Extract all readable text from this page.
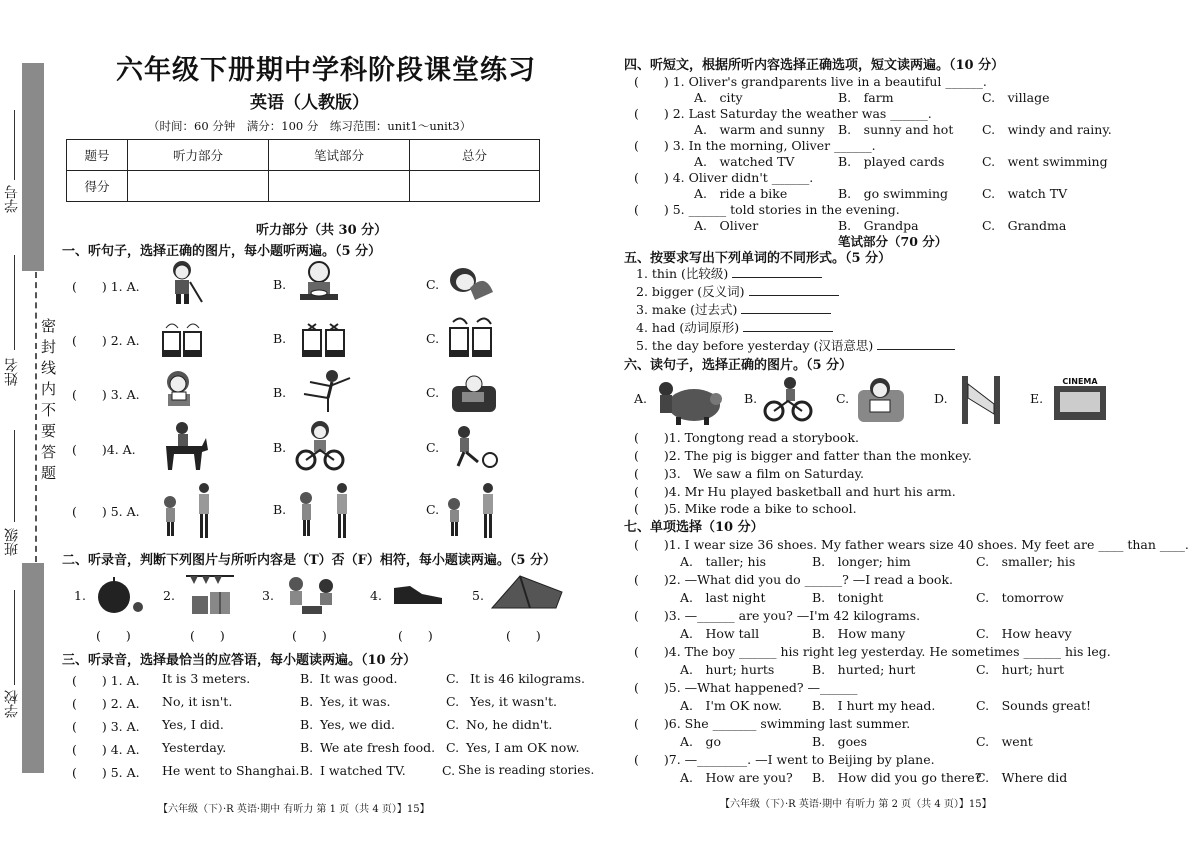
密封线内不要答题
学号
姓名
班级
学校
六年级下册期中学科阶段课堂练习
英语（人教版）
（时间：60 分钟　满分：100 分　练习范围：unit1～unit3）
题号	听力部分	笔试部分	总分
得分			
听力部分（共 30 分）
一、听句子，选择正确的图片，每小题听两遍。（5 分）
(　　) 1. A.	B.	C.
(　　) 2. A.	B.	C.
(　　) 3. A.	B.	C.
(　　)4. A.	B.	C.
(　　) 5. A.	B.	C.
二、听录音，判断下列图片与所听内容是（T）否（F）相符，每小题读两遍。（5 分）
1.	2.	3.	4.	5.
(　　)	(　　)	(　　)	(　　)	(　　)
三、听录音，选择最恰当的应答语，每小题读两遍。（10 分）
(　　) 1. A. It is 3 meters.	B. It was good.	C. It is 46 kilograms.
(　　) 2. A. No, it isn't.	B. Yes, it was.	C. Yes, it wasn't.
(　　) 3. A. Yes, I did.	B. Yes, we did.	C. No, he didn't.
(　　) 4. A. Yesterday.	B. We ate fresh food. C. Yes, I am OK now.
(　　) 5. A. He went to Shanghai. B. I watched TV.	C. She is reading stories.
【六年级（下）·R 英语·期中 有听力 第 1 页（共 4 页）】15】
四、听短文，根据所听内容选择正确选项，短文读两遍。（10 分）
(　　) 1. Oliver's grandparents live in a beautiful ______.
A.　city	B.　farm	C.　village
(　　) 2. Last Saturday the weather was ______.
A.　warm and sunny B.　sunny and hot C.　windy and rainy.
(　　) 3. In the morning, Oliver ______.
A.　watched TV	B.　played cards	C.　went swimming
(　　) 4. Oliver didn't ______.
A.　ride a bike	B.　go swimming	C.　watch TV
(　　) 5. ______ told stories in the evening.
A.　Oliver	B.　Grandpa	C.　Grandma
笔试部分（70 分）
五、按要求写出下列单词的不同形式。（5 分）
1. thin (比较级)
2. bigger (反义词)
3. make (过去式)
4. had (动词原形)
5. the day before yesterday (汉语意思)
六、读句子，选择正确的图片。（5 分）
A.	B.	C.	D.	E.
CINEMA
(　　)1. Tongtong read a storybook.
(　　)2. The pig is bigger and fatter than the monkey.
(　　)3.　We saw a film on Saturday.
(　　)4. Mr Hu played basketball and hurt his arm.
(　　)5. Mike rode a bike to school.
七、单项选择（10 分）
(　　)1. I wear size 36 shoes. My father wears size 40 shoes. My feet are ____ than ____.
A.　taller; his	B.　longer; him	C.　smaller; his
(　　)2. —What did you do ______? —I read a book.
A.　last night	B.　tonight	C.　tomorrow
(　　)3. —______ are you? —I'm 42 kilograms.
A.　How tall	B.　How many	C.　How heavy
(　　)4. The boy ______ his right leg yesterday. He sometimes ______ his leg.
A.　hurt; hurts	B.　hurted; hurt	C.　hurt; hurt
(　　)5. —What happened? —______
A.　I'm OK now. B.　I hurt my head.	C.　Sounds great!
(　　)6. She _______ swimming last summer.
A.　go	B.　goes	C.　went
(　　)7. —________. —I went to Beijing by plane.
A.　How are you? B.　How did you go there?
C.　Where did
【六年级（下）·R 英语·期中 有听力 第 2 页（共 4 页）】15】
